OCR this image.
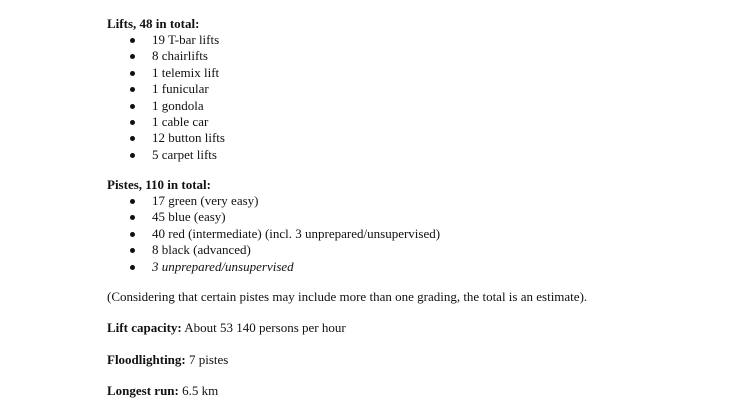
Lifts, 48 in total:

19 T-bar lifts
8 chairlifts
1 telemix lift
1 funicular
1 gondola
1 cable car
12 button lifts
5 carpet lifts

Pistes, 110 in total:

17 green (very easy)
45 blue (easy)
40 red (intermediate) (incl. 3 unprepared/unsupervised)
8 black (advanced)
3 unprepared/unsupervised

(Considering that certain pistes may include more than one grading, the total is an estimate).

Lift capacity: About 53 140 persons per hour

Floodlighting: 7 pistes

Longest run: 6.5 km
